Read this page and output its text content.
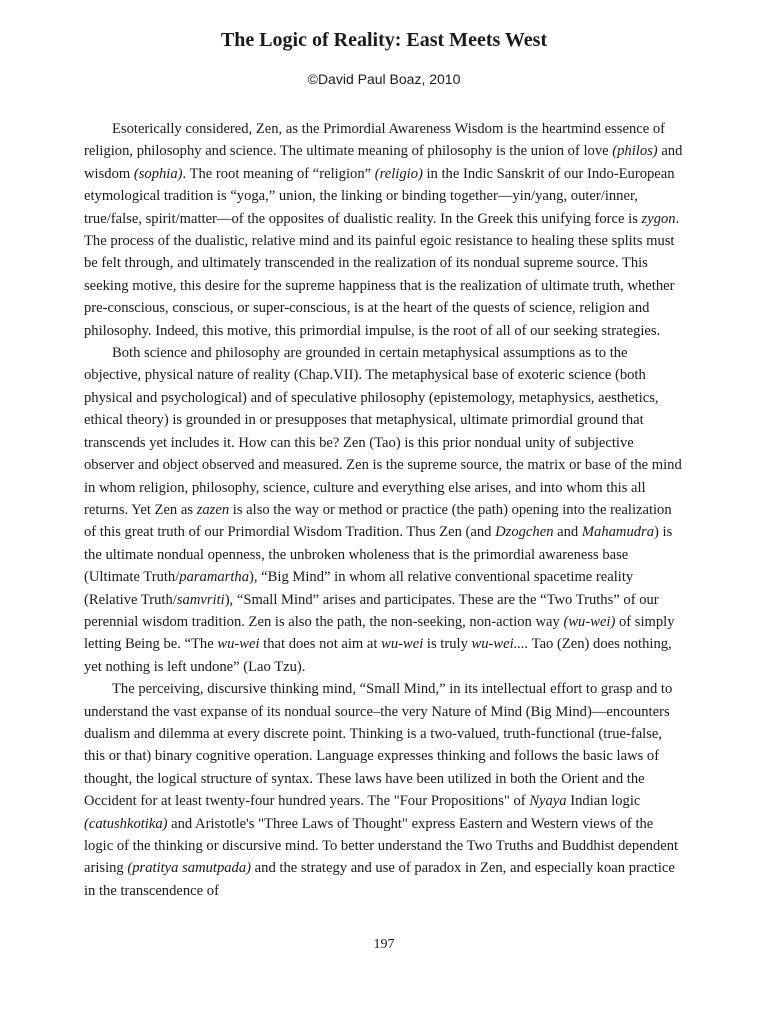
The Logic of Reality: East Meets West
©David Paul Boaz, 2010

Esoterically considered, Zen, as the Primordial Awareness Wisdom is the heartmind essence of religion, philosophy and science. The ultimate meaning of philosophy is the union of love (philos) and wisdom (sophia). The root meaning of “religion” (religio) in the Indic Sanskrit of our Indo-European etymological tradition is “yoga,” union, the linking or binding together—yin/yang, outer/inner, true/false, spirit/matter—of the opposites of dualistic reality. In the Greek this unifying force is zygon. The process of the dualistic, relative mind and its painful egoic resistance to healing these splits must be felt through, and ultimately transcended in the realization of its nondual supreme source. This seeking motive, this desire for the supreme happiness that is the realization of ultimate truth, whether pre-conscious, conscious, or super-conscious, is at the heart of the quests of science, religion and philosophy. Indeed, this motive, this primordial impulse, is the root of all of our seeking strategies.

Both science and philosophy are grounded in certain metaphysical assumptions as to the objective, physical nature of reality (Chap.VII). The metaphysical base of exoteric science (both physical and psychological) and of speculative philosophy (epistemology, metaphysics, aesthetics, ethical theory) is grounded in or presupposes that metaphysical, ultimate primordial ground that transcends yet includes it. How can this be? Zen (Tao) is this prior nondual unity of subjective observer and object observed and measured. Zen is the supreme source, the matrix or base of the mind in whom religion, philosophy, science, culture and everything else arises, and into whom this all returns. Yet Zen as zazen is also the way or method or practice (the path) opening into the realization of this great truth of our Primordial Wisdom Tradition. Thus Zen (and Dzogchen and Mahamudra) is the ultimate nondual openness, the unbroken wholeness that is the primordial awareness base (Ultimate Truth/paramartha), “Big Mind” in whom all relative conventional spacetime reality (Relative Truth/samvriti), “Small Mind” arises and participates. These are the “Two Truths” of our perennial wisdom tradition. Zen is also the path, the non-seeking, non-action way (wu-wei) of simply letting Being be. “The wu-wei that does not aim at wu-wei is truly wu-wei.... Tao (Zen) does nothing, yet nothing is left undone” (Lao Tzu).

The perceiving, discursive thinking mind, “Small Mind,” in its intellectual effort to grasp and to understand the vast expanse of its nondual source–the very Nature of Mind (Big Mind)—encounters dualism and dilemma at every discrete point. Thinking is a two-valued, truth-functional (true-false, this or that) binary cognitive operation. Language expresses thinking and follows the basic laws of thought, the logical structure of syntax. These laws have been utilized in both the Orient and the Occident for at least twenty-four hundred years. The "Four Propositions" of Nyaya Indian logic (catushkotika) and Aristotle's "Three Laws of Thought" express Eastern and Western views of the logic of the thinking or discursive mind. To better understand the Two Truths and Buddhist dependent arising (pratitya samutpada) and the strategy and use of paradox in Zen, and especially koan practice in the transcendence of

197
